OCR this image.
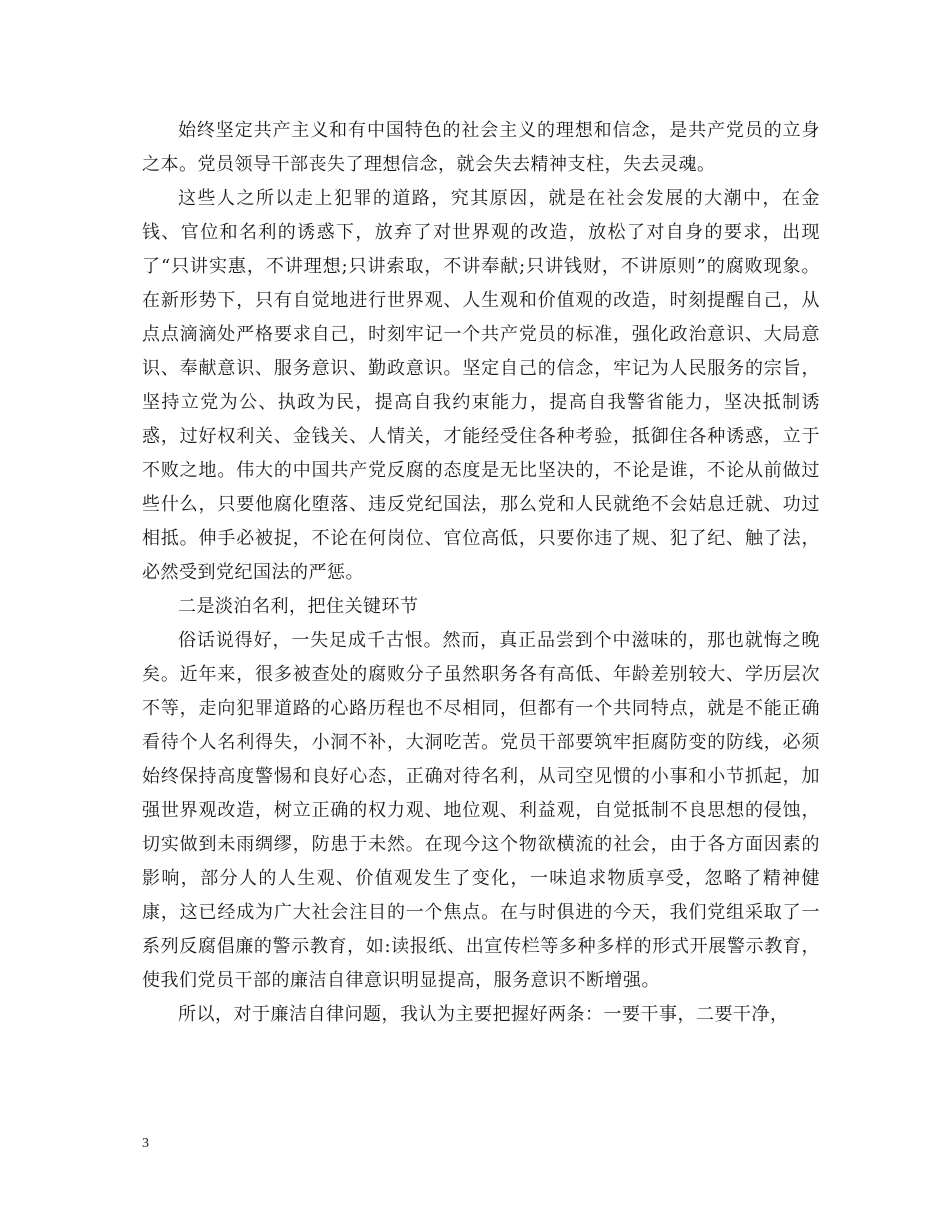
始终坚定共产主义和有中国特色的社会主义的理想和信念，是共产党员的立身之本。党员领导干部丧失了理想信念，就会失去精神支柱，失去灵魂。

这些人之所以走上犯罪的道路，究其原因，就是在社会发展的大潮中，在金钱、官位和名利的诱惑下，放弃了对世界观的改造，放松了对自身的要求，出现了“只讲实惠，不讲理想;只讲索取，不讲奉献;只讲钱财，不讲原则”的腐败现象。在新形势下，只有自觉地进行世界观、人生观和价值观的改造，时刻提醒自己，从点点滴滴处严格要求自己，时刻牢记一个共产党员的标准，强化政治意识、大局意识、奉献意识、服务意识、勤政意识。坚定自己的信念，牢记为人民服务的宗旨，坚持立党为公、执政为民，提高自我约束能力，提高自我警省能力，坚决抵制诱惑，过好权利关、金钱关、人情关，才能经受住各种考验，抵御住各种诱惑，立于不败之地。伟大的中国共产党反腐的态度是无比坚决的，不论是谁，不论从前做过些什么，只要他腐化堕落、违反党纪国法，那么党和人民就绝不会姑息迁就、功过相抵。伸手必被捉，不论在何岗位、官位高低，只要你违了规、犯了纪、触了法，必然受到党纪国法的严惩。

二是淡泊名利，把住关键环节

俗话说得好，一失足成千古恨。然而，真正品尝到个中滋味的，那也就悔之晚矣。近年来，很多被查处的腐败分子虽然职务各有高低、年龄差别较大、学历层次不等，走向犯罪道路的心路历程也不尽相同，但都有一个共同特点，就是不能正确看待个人名利得失，小洞不补，大洞吃苦。党员干部要筑牢拒腐防变的防线，必须始终保持高度警惕和良好心态，正确对待名利，从司空见惯的小事和小节抓起，加强世界观改造，树立正确的权力观、地位观、利益观，自觉抵制不良思想的侵蚀，切实做到未雨绸缪，防患于未然。在现今这个物欲横流的社会，由于各方面因素的影响，部分人的人生观、价值观发生了变化，一味追求物质享受，忽略了精神健康，这已经成为广大社会注目的一个焦点。在与时俱进的今天，我们党组采取了一系列反腐倡廉的警示教育，如:读报纸、出宣传栏等多种多样的形式开展警示教育，使我们党员干部的廉洁自律意识明显提高，服务意识不断增强。

所以，对于廉洁自律问题，我认为主要把握好两条：一要干事，二要干净，

3
